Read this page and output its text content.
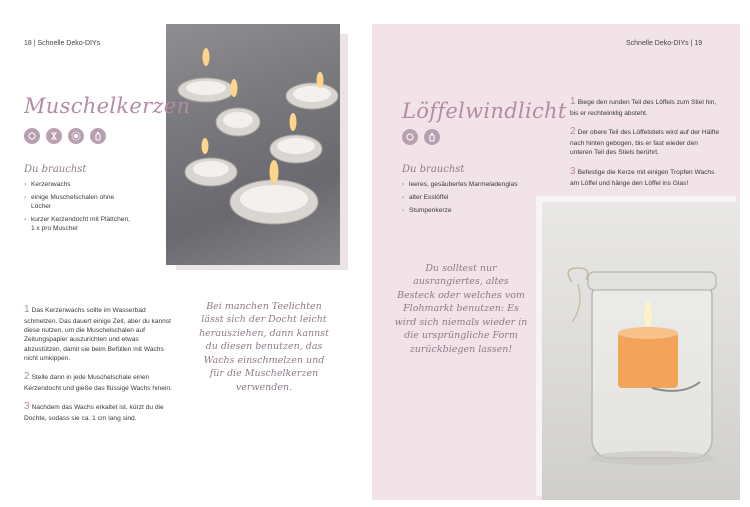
18 | Schnelle Deko-DIYs
Muschelkerzen
Du brauchst
› Kerzenwachs
› einige Muschelschalen ohne Löcher
› kurzer Kerzendocht mit Plättchen, 1 x pro Muschel
1 Das Kerzenwachs sollte im Wasserbad schmelzen. Das dauert einige Zeit, aber du kannst diese nutzen, um die Muschelschalen auf Zeitungspapier auszurichten und etwas abzustützen, damit sie beim Befüllen mit Wachs nicht umkippen.
2 Stelle dann in jede Muschelschale einen Kerzendocht und gieße das flüssige Wachs hinein.
3 Nachdem das Wachs erkaltet ist, kürzt du die Dochte, sodass sie ca. 1 cm lang sind.
Bei manchen Teelichten lässt sich der Docht leicht herausziehen, dann kannst du diesen benutzen, das Wachs einschmelzen und für die Muschelkerzen verwenden.
Schnelle Deko-DIYs | 19
Löffelwindlicht
Du brauchst
› leeres, gesäubertes Marmeladenglas
› alter Esslöffel
› Stumpenkerze
1 Biege den runden Teil des Löffels zum Stiel hin, bis er rechtwinklig absteht.
2 Der obere Teil des Löffelstiels wird auf der Hälfte nach hinten gebogen, bis er fast wieder den unteren Teil des Stiels berührt.
3 Befestige die Kerze mit einigen Tropfen Wachs am Löffel und hänge den Löffel ins Glas!
Du solltest nur ausrangiertes, altes Besteck oder welches vom Flohmarkt benutzen: Es wird sich niemals wieder in die ursprüngliche Form zurückbiegen lassen!
